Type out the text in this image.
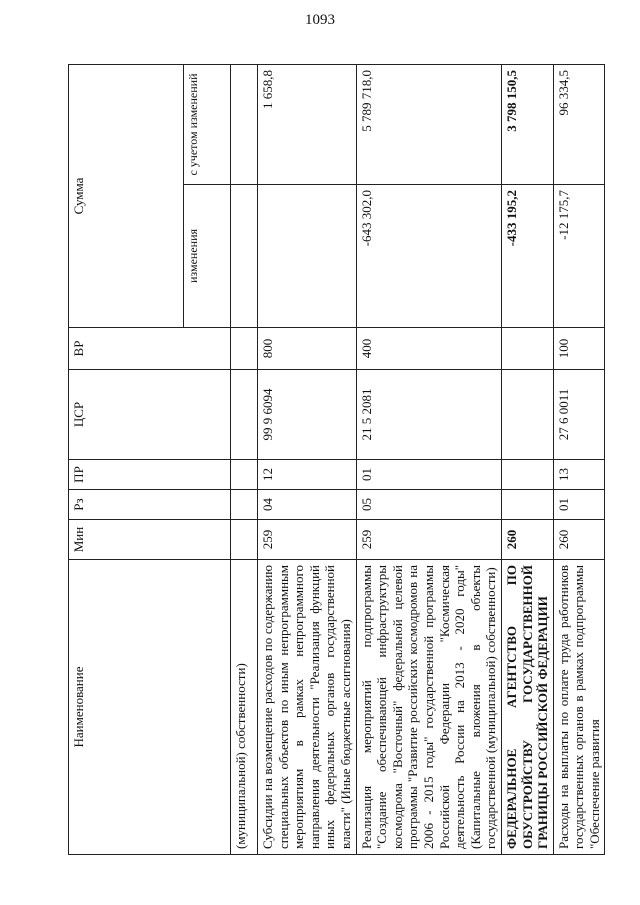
1093
Наименование	Мин	Рз	ПР	ЦСР	ВР	Сумма	
						изменения	с учетом изменений
(муниципальной) собственности)							
Субсидии на возмещение расходов по содержанию специальных объектов по иным непрограммным мероприятиям в рамках непрограммного направления деятельности "Реализация функций иных федеральных органов государственной власти" (Иные бюджетные ассигнования)	259	04	12	99 9 6094	800		1 658,8
Реализация мероприятий подпрограммы "Создание обеспечивающей инфраструктуры космодрома "Восточный" федеральной целевой программы "Развитие российских космодромов на 2006 - 2015 годы" государственной программы Российской Федерации "Космическая деятельность России на 2013 - 2020 годы" (Капитальные вложения в объекты государственной (муниципальной) собственности)	259	05	01	21 5 2081	400	-643 302,0	5 789 718,0
ФЕДЕРАЛЬНОЕ АГЕНТСТВО ПО ОБУСТРОЙСТВУ ГОСУДАРСТВЕННОЙ ГРАНИЦЫ РОССИЙСКОЙ ФЕДЕРАЦИИ	260					-433 195,2	3 798 150,5
Расходы на выплаты по оплате труда работников государственных органов в рамках подпрограммы "Обеспечение развития	260	01	13	27 6 0011	100	-12 175,7	96 334,5
